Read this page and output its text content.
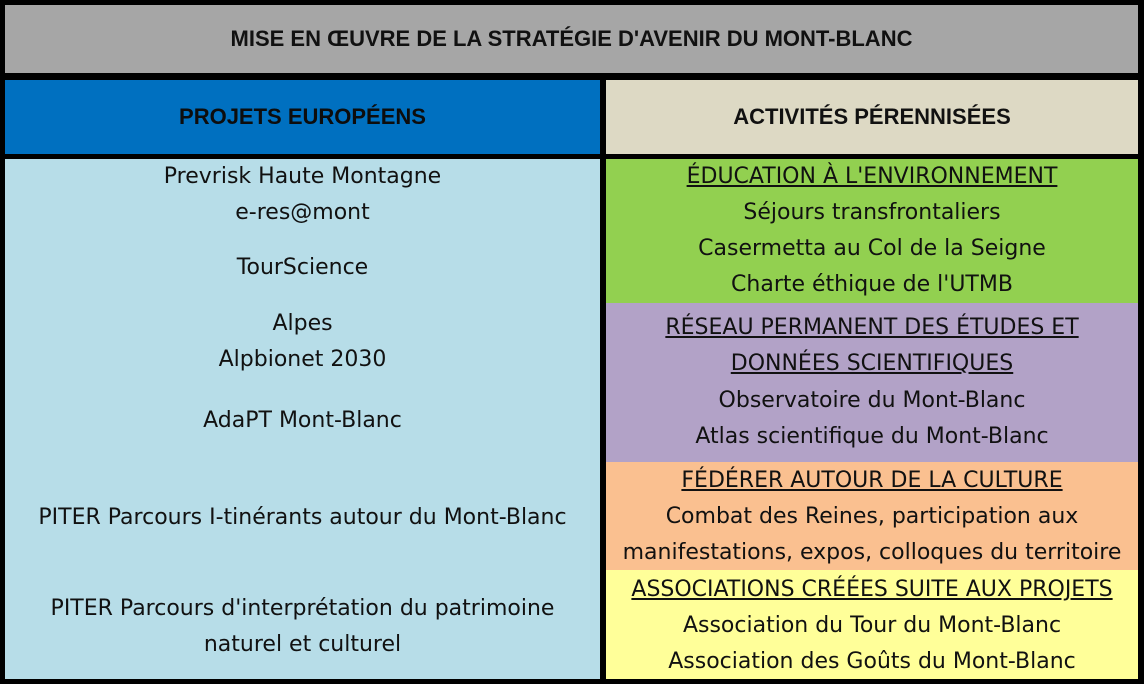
MISE EN ŒUVRE DE LA STRATÉGIE D'AVENIR DU MONT-BLANC
PROJETS EUROPÉENS	ACTIVITÉS PÉRENNISÉES
Prevrisk Haute Montagne
e-res@mont
TourScience
Alpes
Alpbionet 2030
AdaPT Mont-Blanc
PITER Parcours I-tinérants autour du Mont-Blanc
PITER Parcours d'interprétation du patrimoine
naturel et culturel
ÉDUCATION À L'ENVIRONNEMENT
Séjours transfrontaliers
Casermetta au Col de la Seigne
Charte éthique de l'UTMB
RÉSEAU PERMANENT DES ÉTUDES ET
DONNÉES SCIENTIFIQUES
Observatoire du Mont-Blanc
Atlas scientifique du Mont-Blanc
FÉDÉRER AUTOUR DE LA CULTURE
Combat des Reines, participation aux
manifestations, expos, colloques du territoire
ASSOCIATIONS CRÉÉES SUITE AUX PROJETS
Association du Tour du Mont-Blanc
Association des Goûts du Mont-Blanc
